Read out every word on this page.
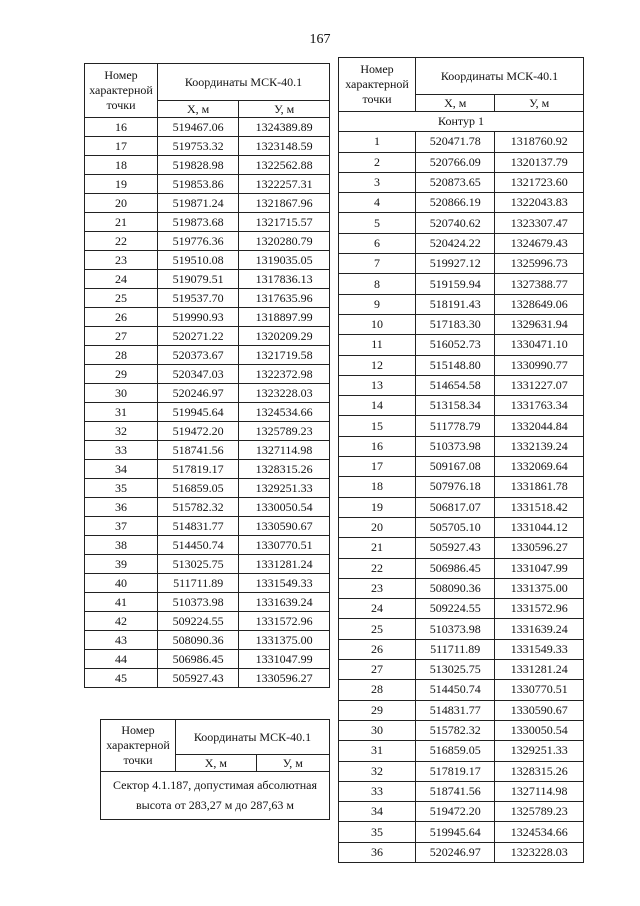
167
Номер характерной точки	Координаты МСК-40.1	
	X, м	У, м
16	519467.06	1324389.89
17	519753.32	1323148.59
18	519828.98	1322562.88
19	519853.86	1322257.31
20	519871.24	1321867.96
21	519873.68	1321715.57
22	519776.36	1320280.79
23	519510.08	1319035.05
24	519079.51	1317836.13
25	519537.70	1317635.96
26	519990.93	1318897.99
27	520271.22	1320209.29
28	520373.67	1321719.58
29	520347.03	1322372.98
30	520246.97	1323228.03
31	519945.64	1324534.66
32	519472.20	1325789.23
33	518741.56	1327114.98
34	517819.17	1328315.26
35	516859.05	1329251.33
36	515782.32	1330050.54
37	514831.77	1330590.67
38	514450.74	1330770.51
39	513025.75	1331281.24
40	511711.89	1331549.33
41	510373.98	1331639.24
42	509224.55	1331572.96
43	508090.36	1331375.00
44	506986.45	1331047.99
45	505927.43	1330596.27
Номер характерной точки	Координаты МСК-40.1	
	X, м	У, м
Контур 1		
1	520471.78	1318760.92
2	520766.09	1320137.79
3	520873.65	1321723.60
4	520866.19	1322043.83
5	520740.62	1323307.47
6	520424.22	1324679.43
7	519927.12	1325996.73
8	519159.94	1327388.77
9	518191.43	1328649.06
10	517183.30	1329631.94
11	516052.73	1330471.10
12	515148.80	1330990.77
13	514654.58	1331227.07
14	513158.34	1331763.34
15	511778.79	1332044.84
16	510373.98	1332139.24
17	509167.08	1332069.64
18	507976.18	1331861.78
19	506817.07	1331518.42
20	505705.10	1331044.12
21	505927.43	1330596.27
22	506986.45	1331047.99
23	508090.36	1331375.00
24	509224.55	1331572.96
25	510373.98	1331639.24
26	511711.89	1331549.33
27	513025.75	1331281.24
28	514450.74	1330770.51
29	514831.77	1330590.67
30	515782.32	1330050.54
31	516859.05	1329251.33
32	517819.17	1328315.26
33	518741.56	1327114.98
34	519472.20	1325789.23
35	519945.64	1324534.66
36	520246.97	1323228.03
Номер характерной точки	Координаты МСК-40.1	
	X, м	У, м
Сектор 4.1.187, допустимая абсолютная высота от 283,27 м до 287,63 м		
